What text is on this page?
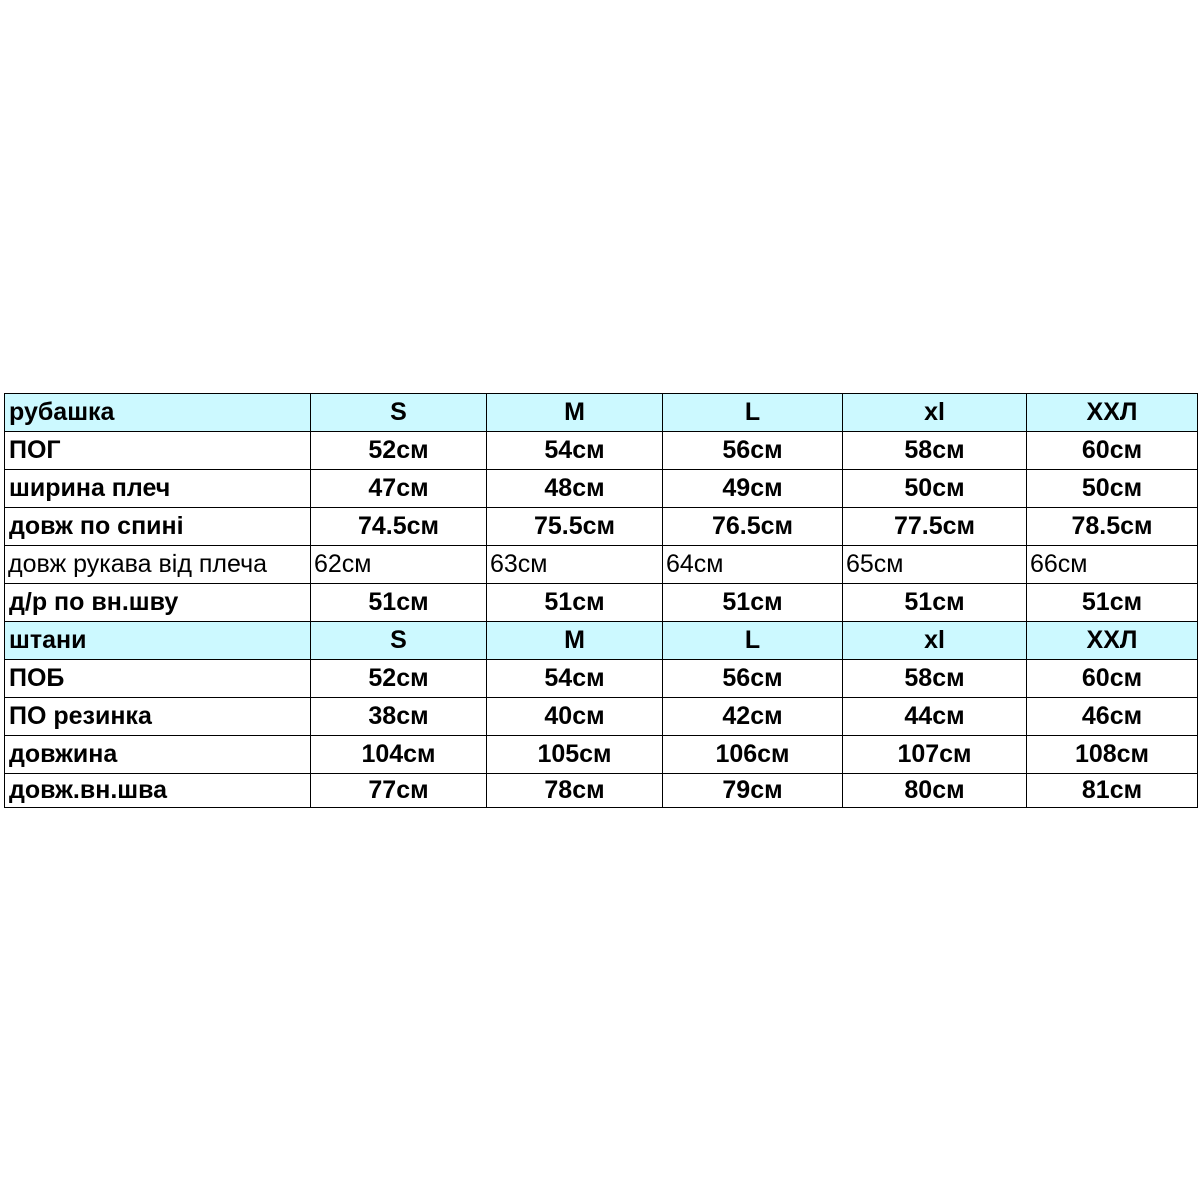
рубашка	S	M	L	xl	ХХЛ
ПОГ	52см	54см	56см	58см	60см
ширина плеч	47см	48см	49см	50см	50см
довж по спині	74.5см	75.5см	76.5см	77.5см	78.5см
довж рукава від плеча	62см	63см	64см	65см	66см
д/р по вн.шву	51см	51см	51см	51см	51см
штани	S	M	L	xl	ХХЛ
ПОБ	52см	54см	56см	58см	60см
ПО резинка	38см	40см	42см	44см	46см
довжина	104см	105см	106см	107см	108см
довж.вн.шва	77см	78см	79см	80см	81см
